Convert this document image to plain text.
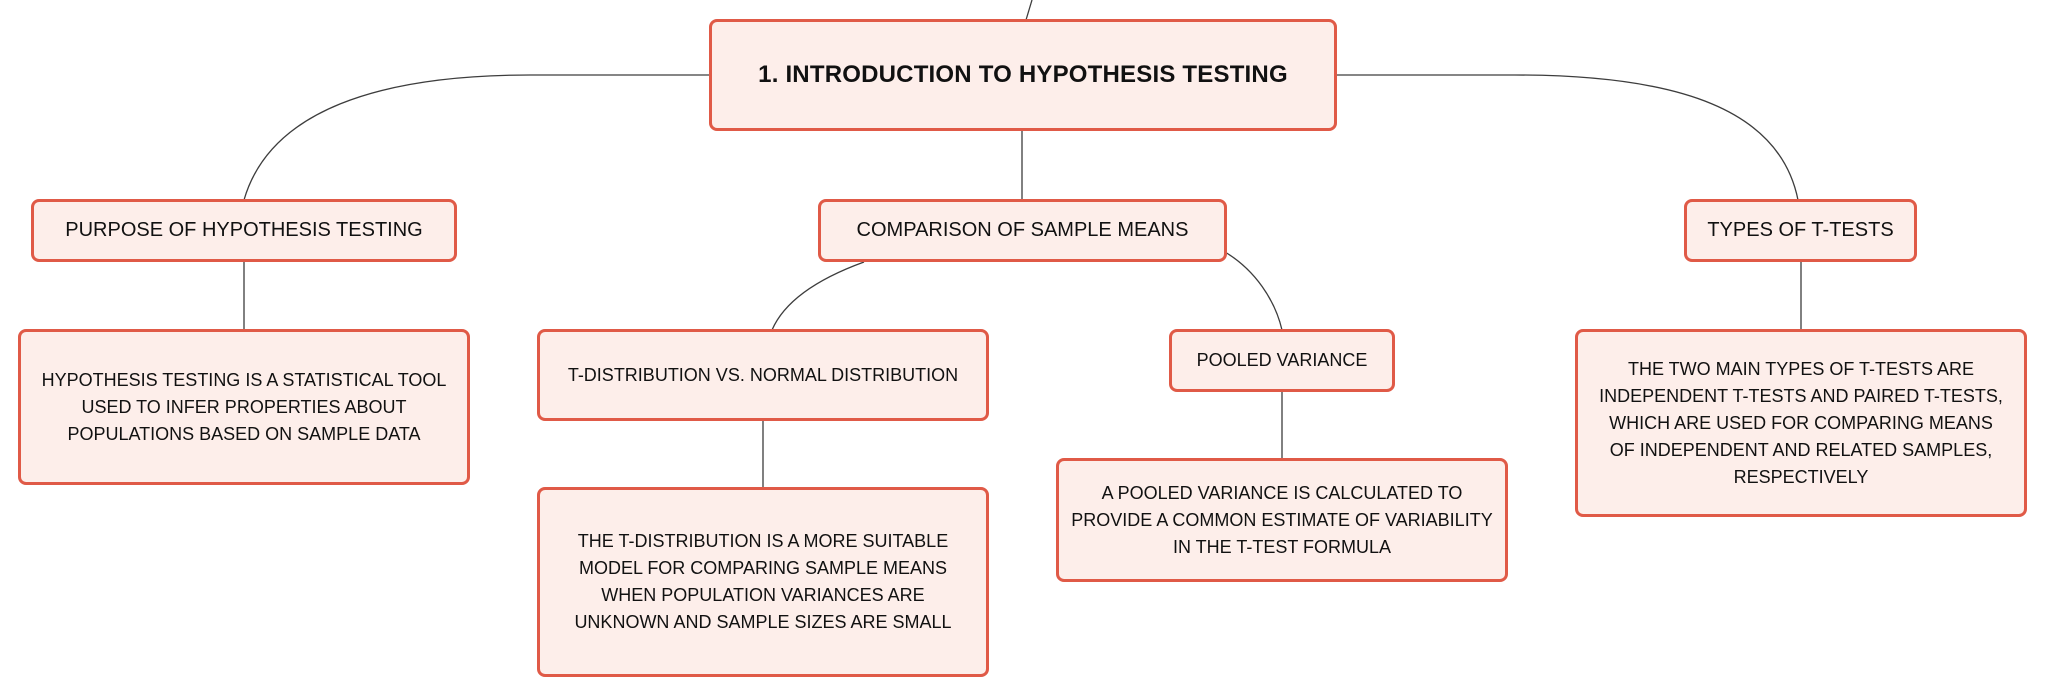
1. INTRODUCTION TO HYPOTHESIS TESTING
PURPOSE OF HYPOTHESIS TESTING	COMPARISON OF SAMPLE MEANS	TYPES OF T-TESTS
HYPOTHESIS TESTING IS A STATISTICAL TOOL USED TO INFER PROPERTIES ABOUT POPULATIONS BASED ON SAMPLE DATA
T-DISTRIBUTION VS. NORMAL DISTRIBUTION
POOLED VARIANCE
THE T-DISTRIBUTION IS A MORE SUITABLE MODEL FOR COMPARING SAMPLE MEANS WHEN POPULATION VARIANCES ARE UNKNOWN AND SAMPLE SIZES ARE SMALL
A POOLED VARIANCE IS CALCULATED TO PROVIDE A COMMON ESTIMATE OF VARIABILITY IN THE T-TEST FORMULA
THE TWO MAIN TYPES OF T-TESTS ARE INDEPENDENT T-TESTS AND PAIRED T-TESTS, WHICH ARE USED FOR COMPARING MEANS OF INDEPENDENT AND RELATED SAMPLES, RESPECTIVELY
